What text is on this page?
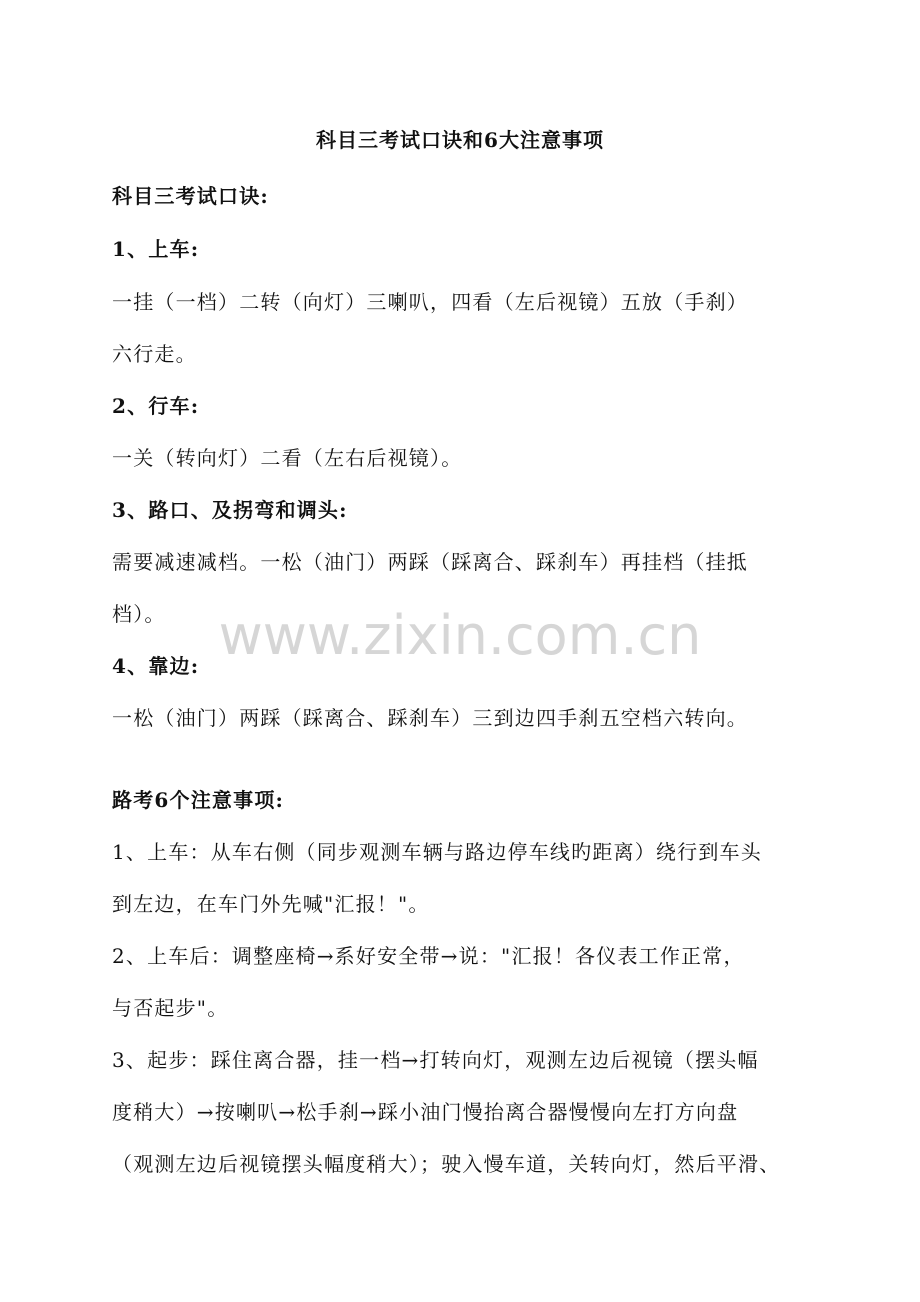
www.zixin.com.cn
科目三考试口诀和6大注意事项
科目三考试口诀:
1、上车:
一挂（一档）二转（向灯）三喇叭，四看（左后视镜）五放（手刹）
六行走。
2、行车:
一关（转向灯）二看（左右后视镜）。
3、路口、及拐弯和调头:
需要减速减档。一松（油门）两踩（踩离合、踩刹车）再挂档（挂抵
档）。
4、靠边:
一松（油门）两踩（踩离合、踩刹车）三到边四手刹五空档六转向。
路考6个注意事项:
1、上车：从车右侧（同步观测车辆与路边停车线旳距离）绕行到车头
到左边，在车门外先喊"汇报！"。
2、上车后：调整座椅→系好安全带→说："汇报！各仪表工作正常，
与否起步"。
3、起步：踩住离合器，挂一档→打转向灯，观测左边后视镜（摆头幅
度稍大）→按喇叭→松手刹→踩小油门慢抬离合器慢慢向左打方向盘
（观测左边后视镜摆头幅度稍大）；驶入慢车道，关转向灯，然后平滑、
